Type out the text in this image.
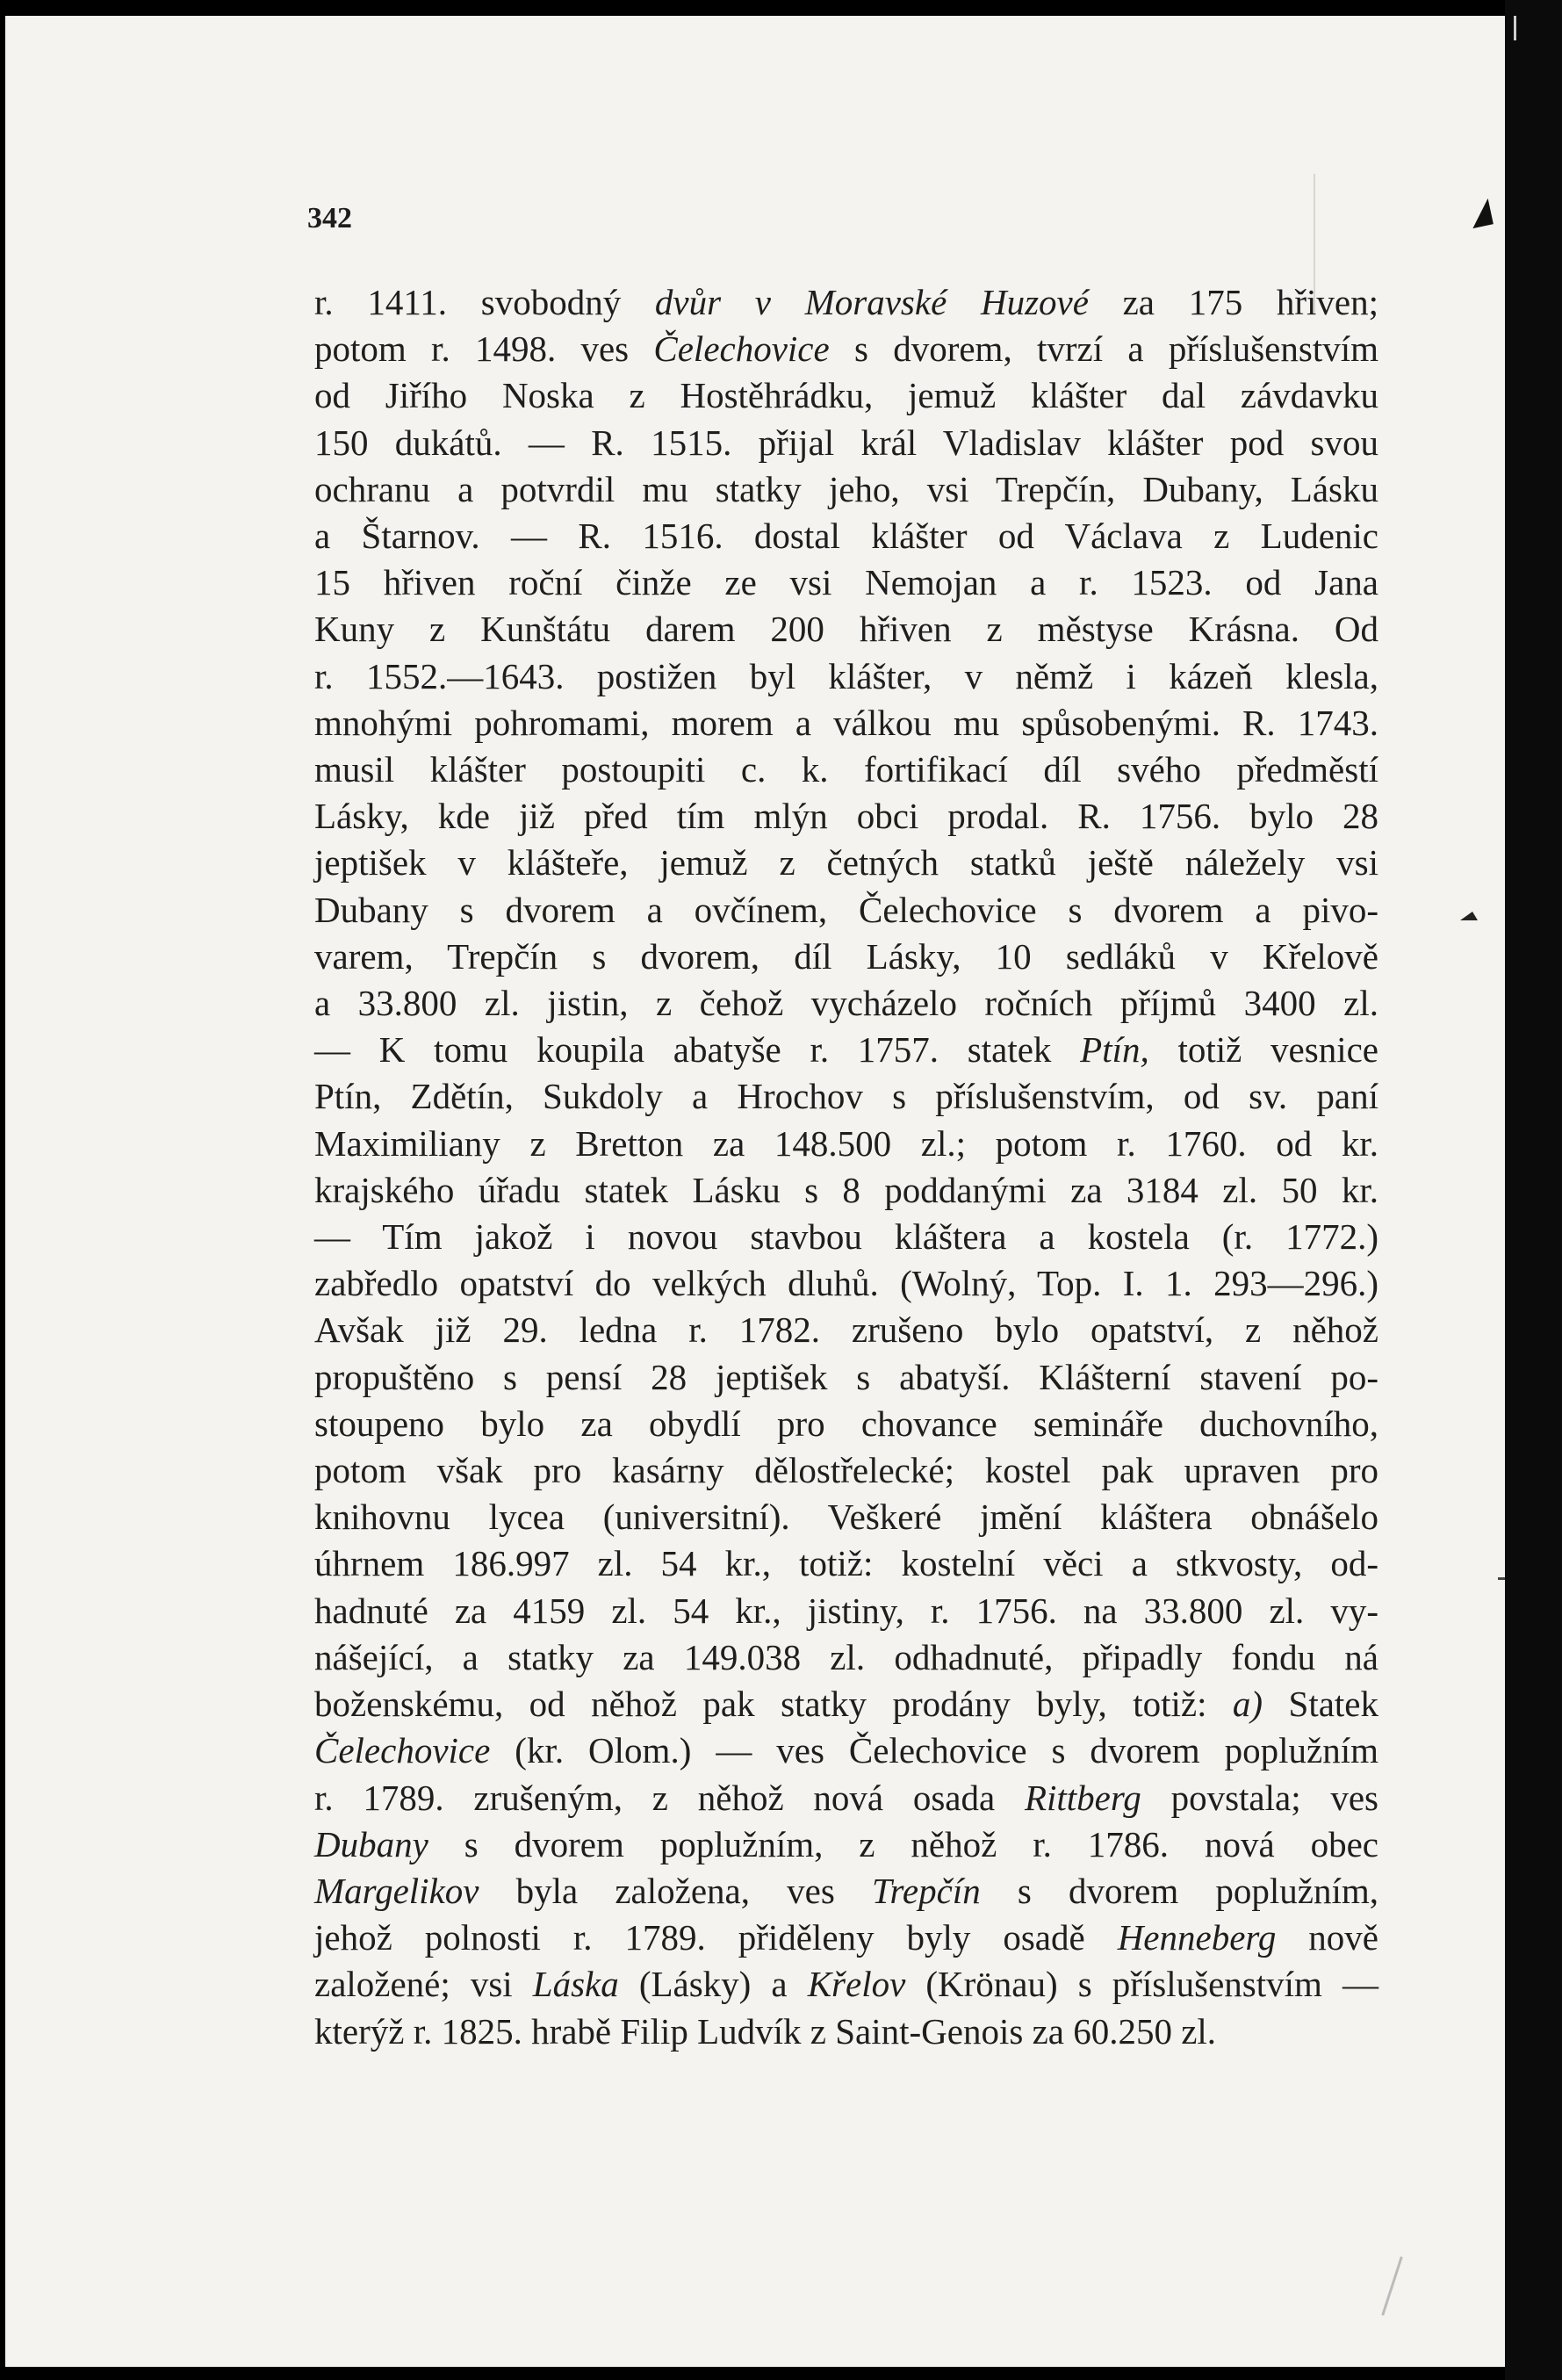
342

r. 1411. svobodný dvůr v Moravské Huzové za 175 hřiven;
potom r. 1498. ves Čelechovice s dvorem, tvrzí a příslušenstvím
od Jiřího Noska z Hostěhrádku, jemuž klášter dal závdavku
150 dukátů. — R. 1515. přijal král Vladislav klášter pod svou
ochranu a potvrdil mu statky jeho, vsi Trepčín, Dubany, Lásku
a Štarnov. — R. 1516. dostal klášter od Václava z Ludenic
15 hřiven roční činže ze vsi Nemojan a r. 1523. od Jana
Kuny z Kunštátu darem 200 hřiven z městyse Krásna. Od
r. 1552.—1643. postižen byl klášter, v němž i kázeň klesla,
mnohými pohromami, morem a válkou mu spůsobenými. R. 1743.
musil klášter postoupiti c. k. fortifikací díl svého předměstí
Lásky, kde již před tím mlýn obci prodal. R. 1756. bylo 28
jeptišek v klášteře, jemuž z četných statků ještě náležely vsi
Dubany s dvorem a ovčínem, Čelechovice s dvorem a pivo-
varem, Trepčín s dvorem, díl Lásky, 10 sedláků v Křelově
a 33.800 zl. jistin, z čehož vycházelo ročních příjmů 3400 zl.
— K tomu koupila abatyše r. 1757. statek Ptín, totiž vesnice
Ptín, Zdětín, Sukdoly a Hrochov s příslušenstvím, od sv. paní
Maximiliany z Bretton za 148.500 zl.; potom r. 1760. od kr.
krajského úřadu statek Lásku s 8 poddanými za 3184 zl. 50 kr.
— Tím jakož i novou stavbou kláštera a kostela (r. 1772.)
zabředlo opatství do velkých dluhů. (Wolný, Top. I. 1. 293—296.)
Avšak již 29. ledna r. 1782. zrušeno bylo opatství, z něhož
propuštěno s pensí 28 jeptišek s abatyší. Klášterní stavení po-
stoupeno bylo za obydlí pro chovance semináře duchovního,
potom však pro kasárny dělostřelecké; kostel pak upraven pro
knihovnu lycea (universitní). Veškeré jmění kláštera obnášelo
úhrnem 186.997 zl. 54 kr., totiž: kostelní věci a stkvosty, od-
hadnuté za 4159 zl. 54 kr., jistiny, r. 1756. na 33.800 zl. vy-
nášející, a statky za 149.038 zl. odhadnuté, připadly fondu ná
boženskému, od něhož pak statky prodány byly, totiž: a) Statek
Čelechovice (kr. Olom.) — ves Čelechovice s dvorem poplužním
r. 1789. zrušeným, z něhož nová osada Rittberg povstala; ves
Dubany s dvorem poplužním, z něhož r. 1786. nová obec
Margelikov byla založena, ves Trepčín s dvorem poplužním,
jehož polnosti r. 1789. přiděleny byly osadě Henneberg nově
založené; vsi Láska (Lásky) a Křelov (Krönau) s příslušenstvím —
kterýž r. 1825. hrabě Filip Ludvík z Saint-Genois za 60.250 zl.
